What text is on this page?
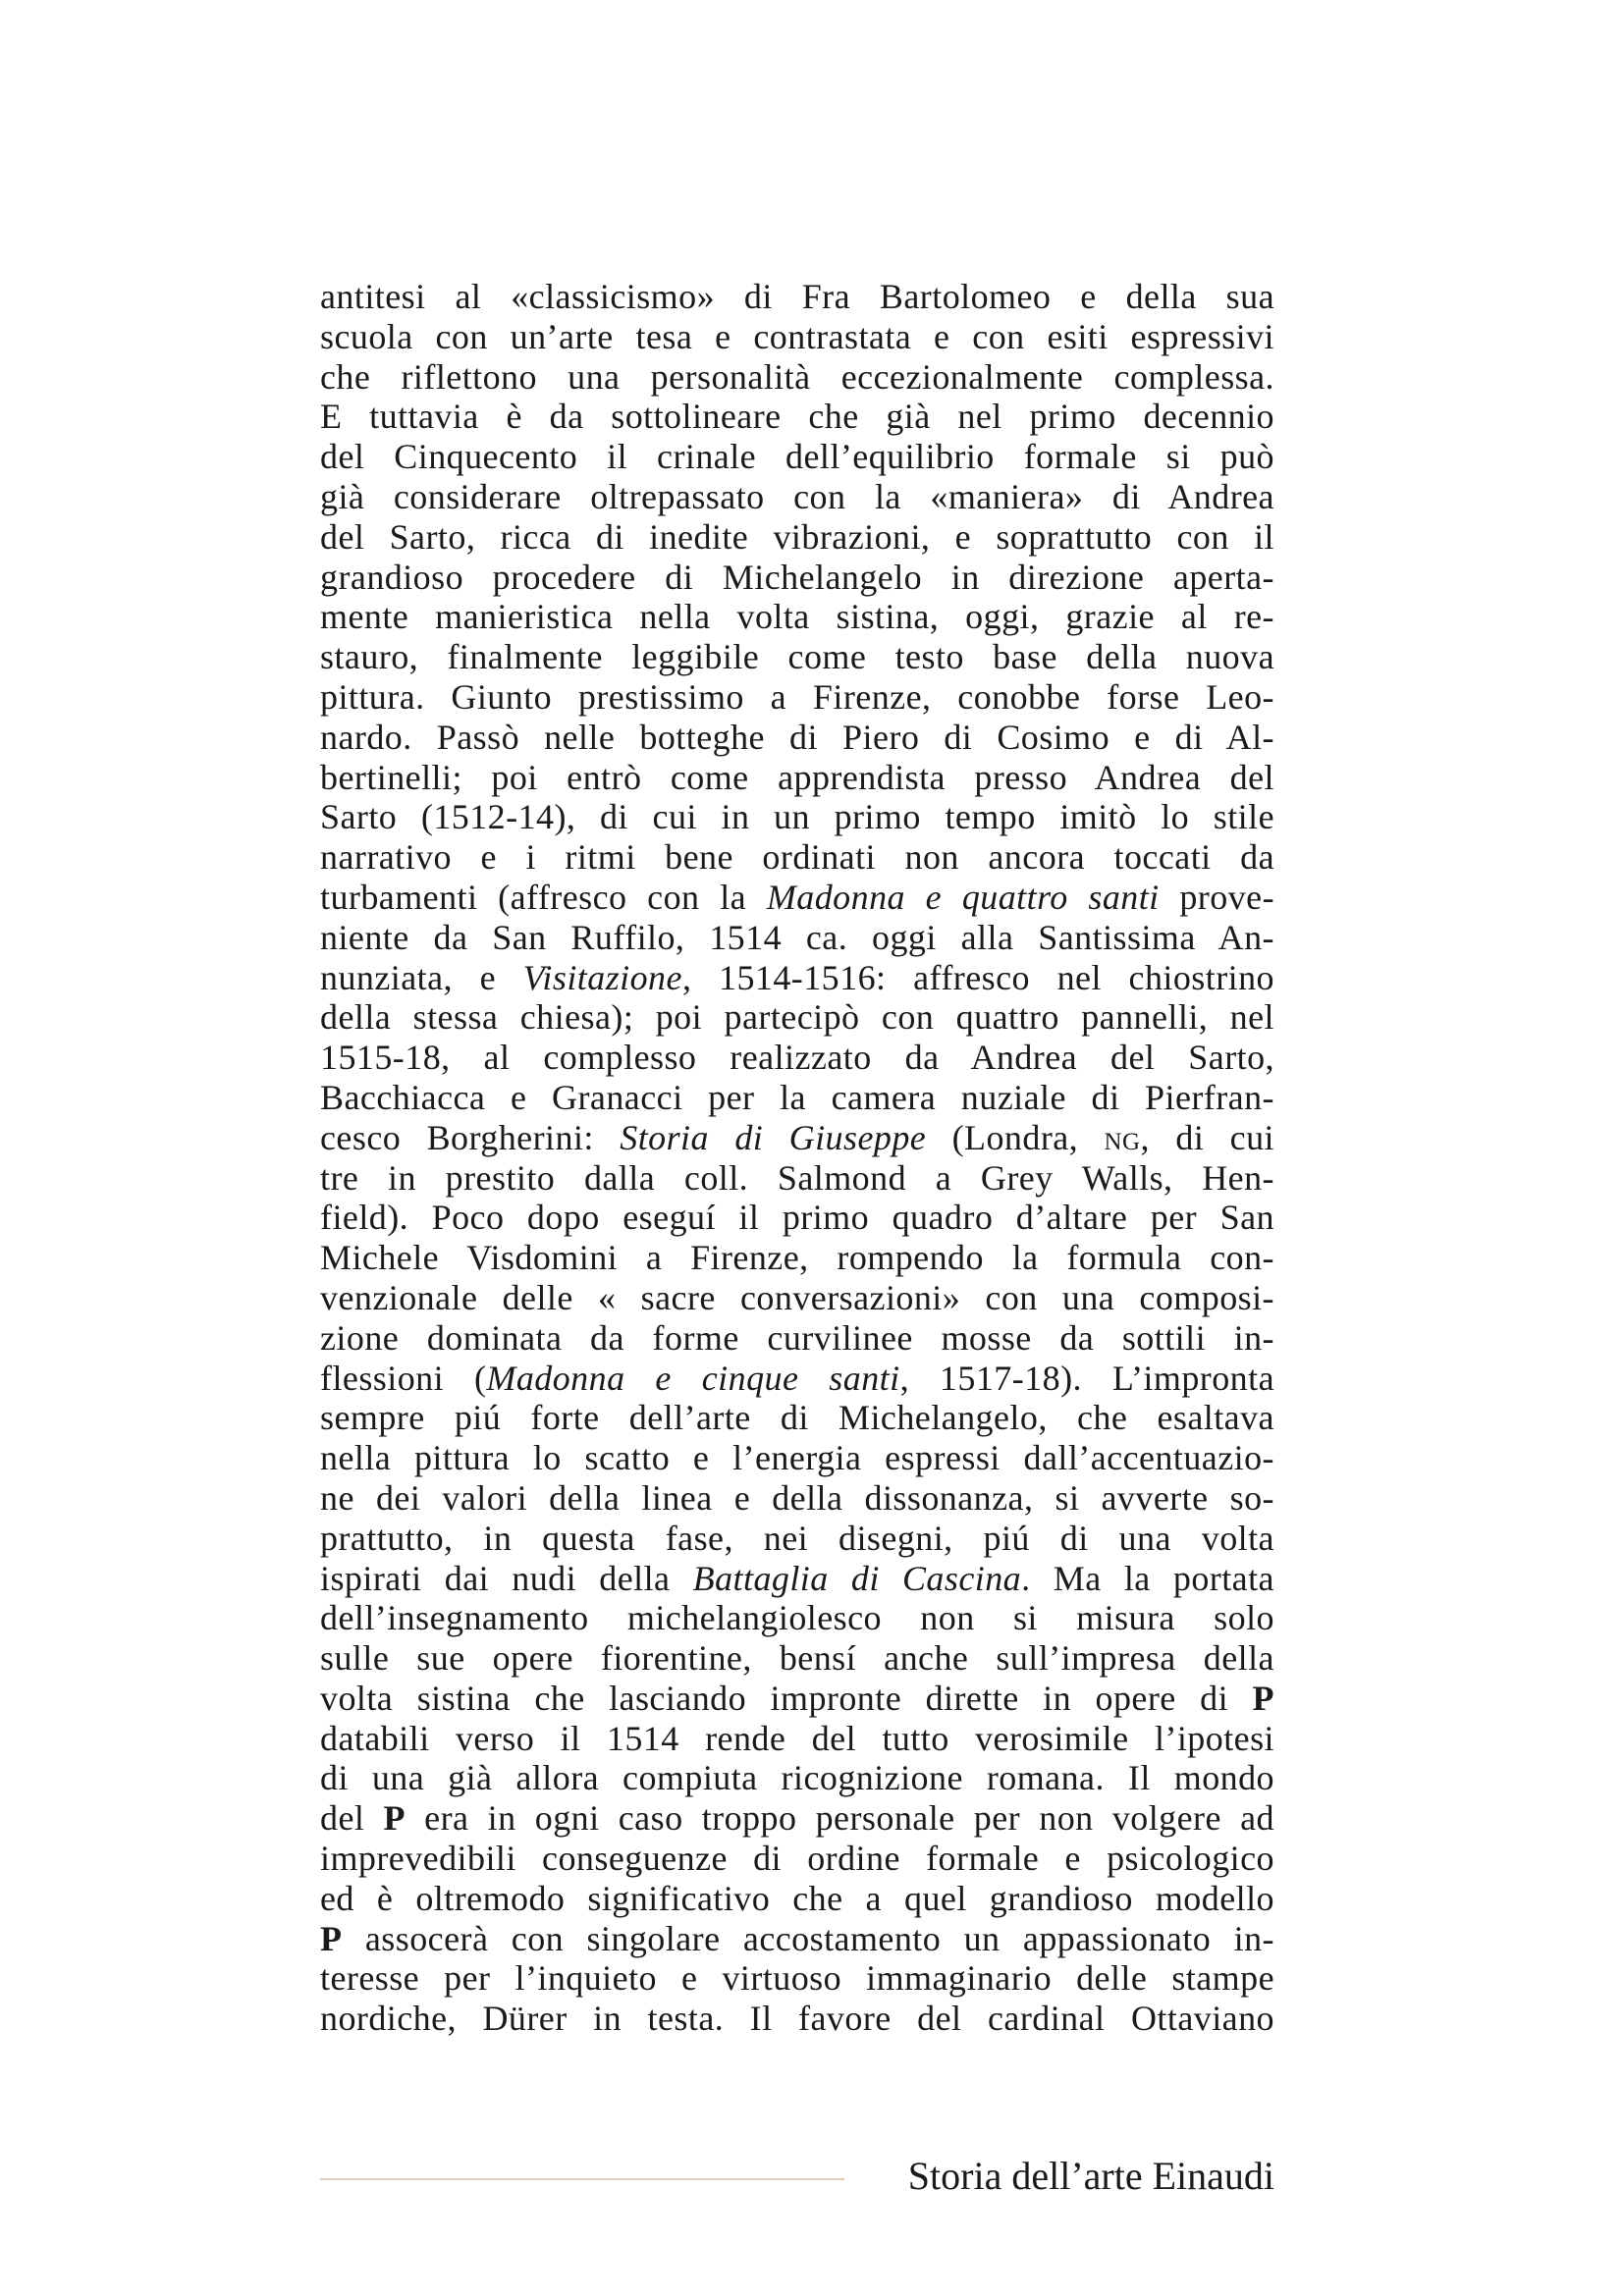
antitesi al «classicismo» di Fra Bartolomeo e della sua
scuola con un’arte tesa e contrastata e con esiti espressivi
che riflettono una personalità eccezionalmente complessa.
E tuttavia è da sottolineare che già nel primo decennio
del Cinquecento il crinale dell’equilibrio formale si può
già considerare oltrepassato con la «maniera» di Andrea
del Sarto, ricca di inedite vibrazioni, e soprattutto con il
grandioso procedere di Michelangelo in direzione aperta-
mente manieristica nella volta sistina, oggi, grazie al re-
stauro, finalmente leggibile come testo base della nuova
pittura. Giunto prestissimo a Firenze, conobbe forse Leo-
nardo. Passò nelle botteghe di Piero di Cosimo e di Al-
bertinelli; poi entrò come apprendista presso Andrea del
Sarto (1512-14), di cui in un primo tempo imitò lo stile
narrativo e i ritmi bene ordinati non ancora toccati da
turbamenti (affresco con la Madonna e quattro santi prove-
niente da San Ruffilo, 1514 ca. oggi alla Santissima An-
nunziata, e Visitazione, 1514-1516: affresco nel chiostrino
della stessa chiesa); poi partecipò con quattro pannelli, nel
1515-18, al complesso realizzato da Andrea del Sarto,
Bacchiacca e Granacci per la camera nuziale di Pierfran-
cesco Borgherini: Storia di Giuseppe (Londra, ng, di cui
tre in prestito dalla coll. Salmond a Grey Walls, Hen-
field). Poco dopo eseguí il primo quadro d’altare per San
Michele Visdomini a Firenze, rompendo la formula con-
venzionale delle « sacre conversazioni» con una composi-
zione dominata da forme curvilinee mosse da sottili in-
flessioni (Madonna e cinque santi, 1517-18). L’impronta
sempre piú forte dell’arte di Michelangelo, che esaltava
nella pittura lo scatto e l’energia espressi dall’accentuazio-
ne dei valori della linea e della dissonanza, si avverte so-
prattutto, in questa fase, nei disegni, piú di una volta
ispirati dai nudi della Battaglia di Cascina. Ma la portata
dell’insegnamento michelangiolesco non si misura solo
sulle sue opere fiorentine, bensí anche sull’impresa della
volta sistina che lasciando impronte dirette in opere di P
databili verso il 1514 rende del tutto verosimile l’ipotesi
di una già allora compiuta ricognizione romana. Il mondo
del P era in ogni caso troppo personale per non volgere ad
imprevedibili conseguenze di ordine formale e psicologico
ed è oltremodo significativo che a quel grandioso modello
P assocerà con singolare accostamento un appassionato in-
teresse per l’inquieto e virtuoso immaginario delle stampe
nordiche, Dürer in testa. Il favore del cardinal Ottaviano
Storia dell’arte Einaudi
